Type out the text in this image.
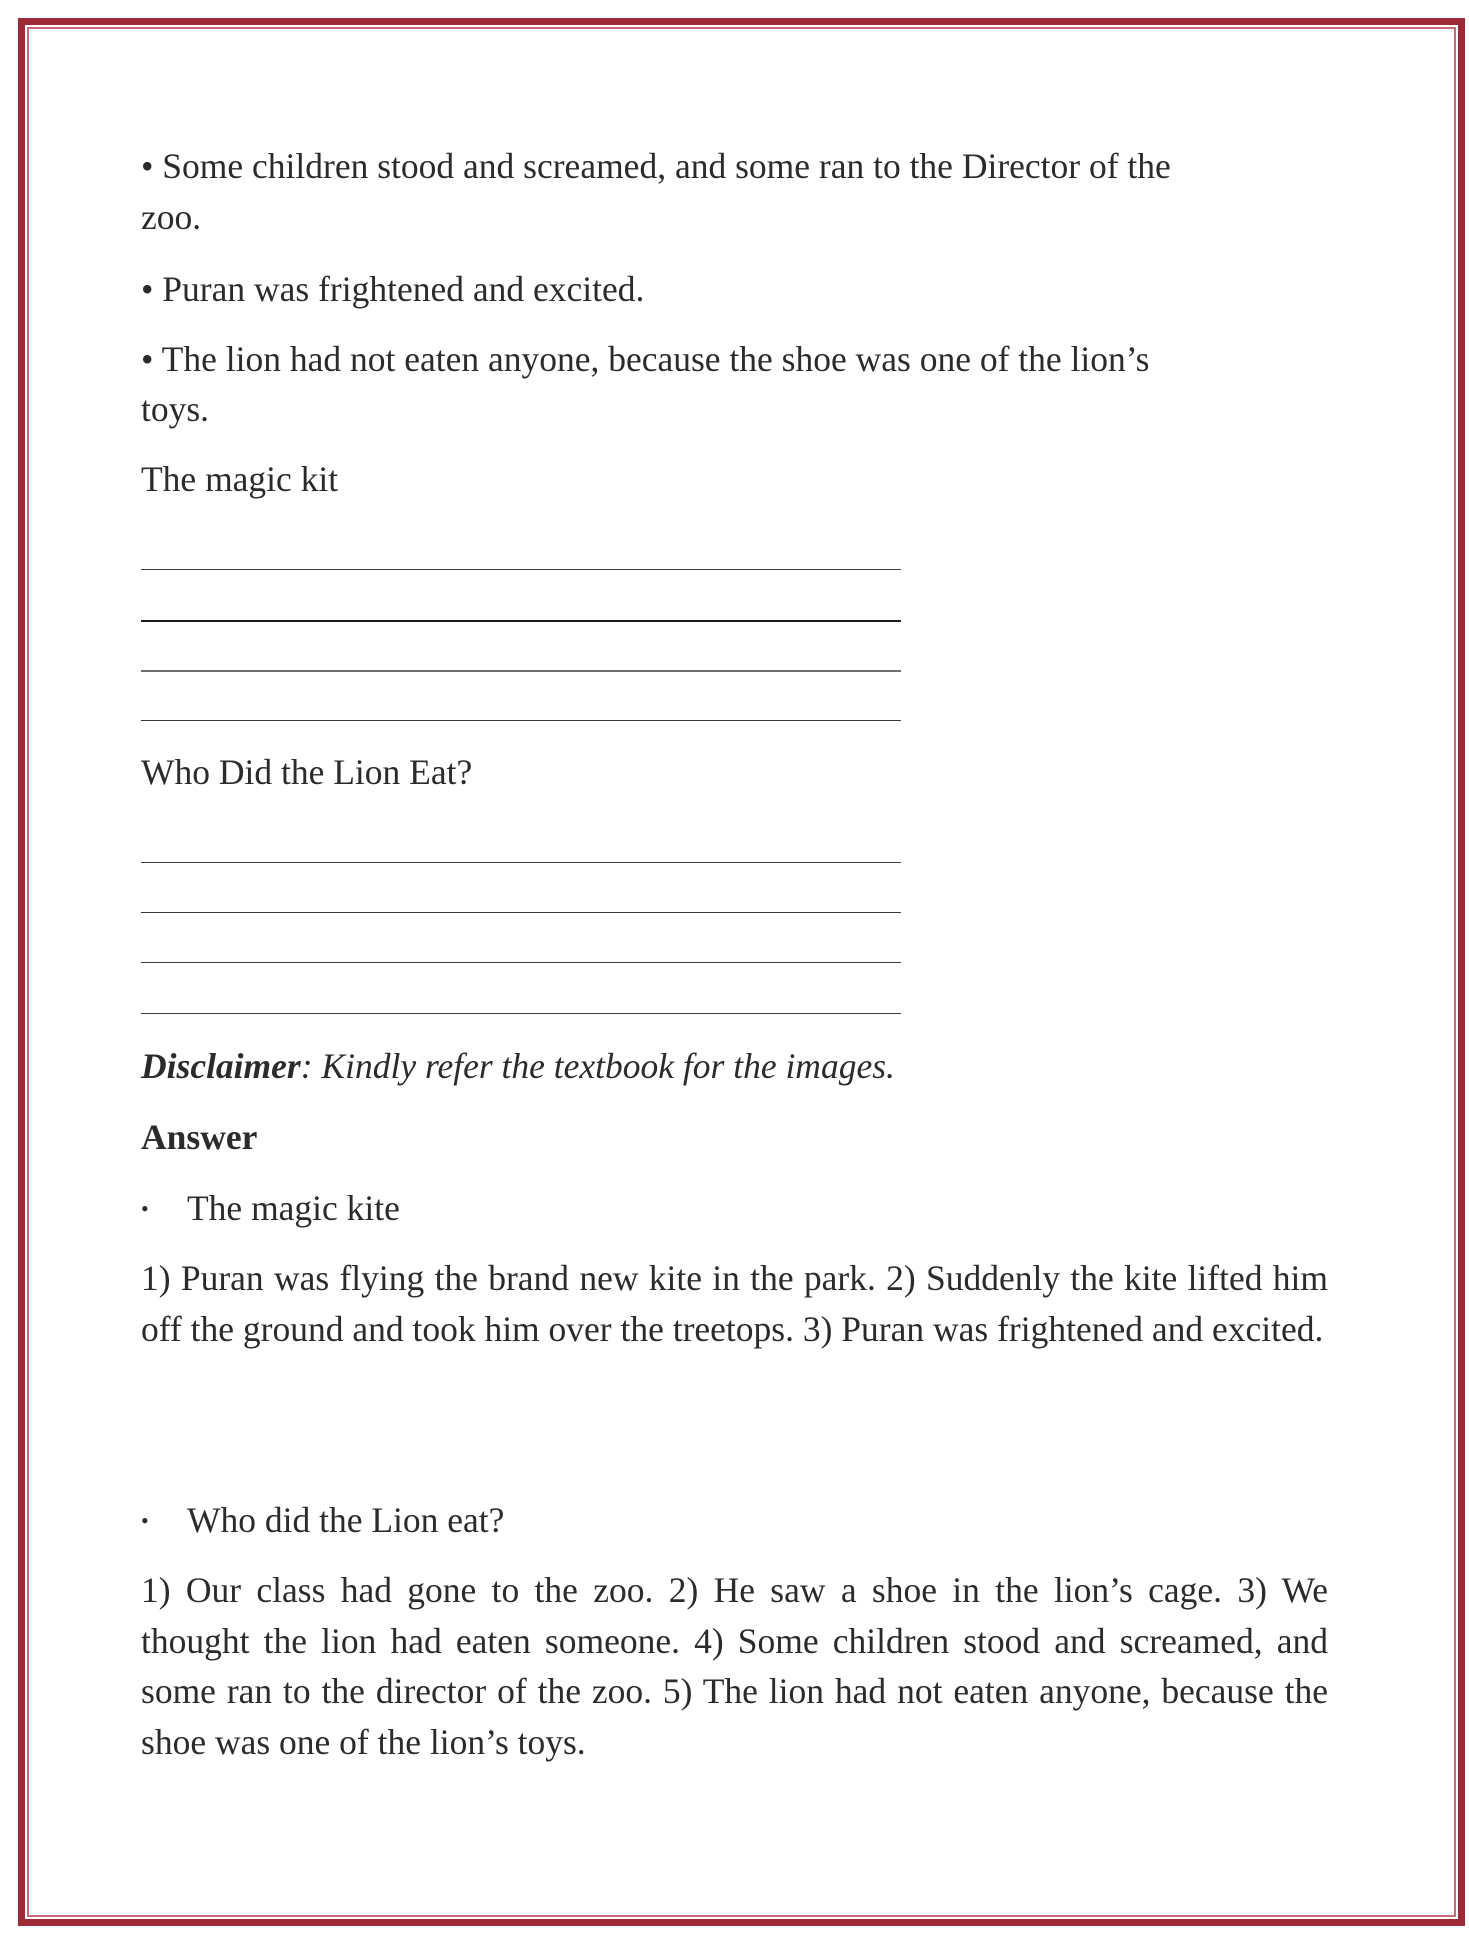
• Some children stood and screamed, and some ran to the Director of the
zoo.
• Puran was frightened and excited.
• The lion had not eaten anyone, because the shoe was one of the lion’s
toys.
The magic kit
Who Did the Lion Eat?
Disclaimer: Kindly refer the textbook for the images.
Answer
• The magic kite
1) Puran was flying the brand new kite in the park. 2) Suddenly the kite lifted him off the ground and took him over the treetops. 3) Puran was frightened and excited.
• Who did the Lion eat?
1) Our class had gone to the zoo. 2) He saw a shoe in the lion’s cage. 3) We thought the lion had eaten someone. 4) Some children stood and screamed, and some ran to the director of the zoo. 5) The lion had not eaten anyone, because the shoe was one of the lion’s toys.
